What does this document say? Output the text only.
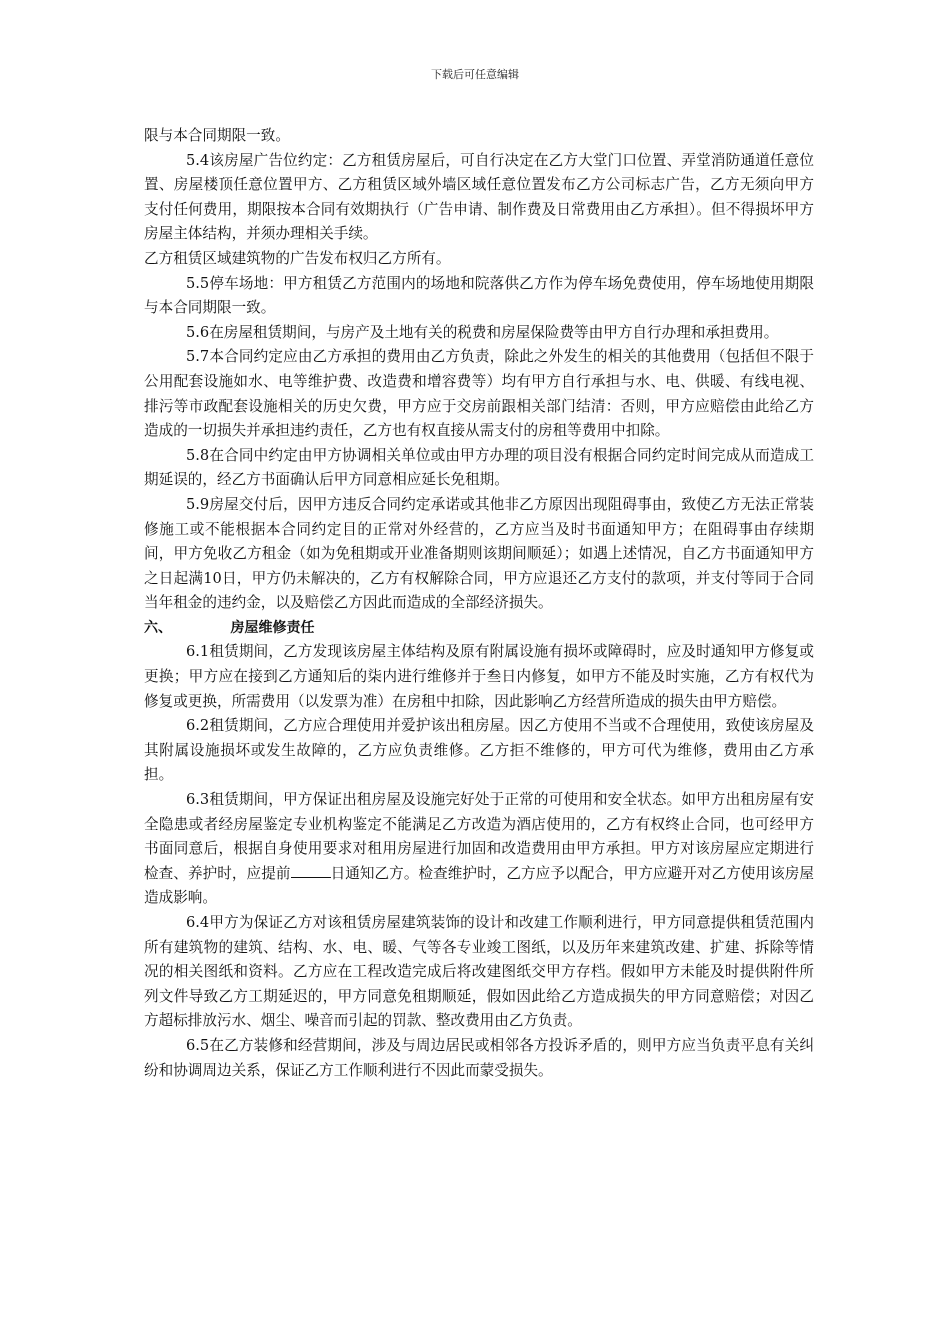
下载后可任意编辑

限与本合同期限一致。

5.4该房屋广告位约定：乙方租赁房屋后，可自行决定在乙方大堂门口位置、弄堂消防通道任意位置、房屋楼顶任意位置甲方、乙方租赁区域外墙区域任意位置发布乙方公司标志广告，乙方无须向甲方支付任何费用，期限按本合同有效期执行（广告申请、制作费及日常费用由乙方承担）。但不得损坏甲方房屋主体结构，并须办理相关手续。

乙方租赁区域建筑物的广告发布权归乙方所有。

5.5停车场地：甲方租赁乙方范围内的场地和院落供乙方作为停车场免费使用，停车场地使用期限与本合同期限一致。

5.6在房屋租赁期间，与房产及土地有关的税费和房屋保险费等由甲方自行办理和承担费用。

5.7本合同约定应由乙方承担的费用由乙方负责，除此之外发生的相关的其他费用（包括但不限于公用配套设施如水、电等维护费、改造费和增容费等）均有甲方自行承担与水、电、供暖、有线电视、排污等市政配套设施相关的历史欠费，甲方应于交房前跟相关部门结清：否则，甲方应赔偿由此给乙方造成的一切损失并承担违约责任，乙方也有权直接从需支付的房租等费用中扣除。

5.8在合同中约定由甲方协调相关单位或由甲方办理的项目没有根据合同约定时间完成从而造成工期延误的，经乙方书面确认后甲方同意相应延长免租期。

5.9房屋交付后，因甲方违反合同约定承诺或其他非乙方原因出现阻碍事由，致使乙方无法正常装修施工或不能根据本合同约定目的正常对外经营的，乙方应当及时书面通知甲方；在阻碍事由存续期间，甲方免收乙方租金（如为免租期或开业准备期则该期间顺延）；如遇上述情况，自乙方书面通知甲方之日起满10日，甲方仍未解决的，乙方有权解除合同，甲方应退还乙方支付的款项，并支付等同于合同当年租金的违约金，以及赔偿乙方因此而造成的全部经济损失。

六、	房屋维修责任

6.1租赁期间，乙方发现该房屋主体结构及原有附属设施有损坏或障碍时，应及时通知甲方修复或更换；甲方应在接到乙方通知后的柒内进行维修并于叁日内修复，如甲方不能及时实施，乙方有权代为修复或更换，所需费用（以发票为准）在房租中扣除，因此影响乙方经营所造成的损失由甲方赔偿。

6.2租赁期间，乙方应合理使用并爱护该出租房屋。因乙方使用不当或不合理使用，致使该房屋及其附属设施损坏或发生故障的，乙方应负责维修。乙方拒不维修的，甲方可代为维修，费用由乙方承担。

6.3租赁期间，甲方保证出租房屋及设施完好处于正常的可使用和安全状态。如甲方出租房屋有安全隐患或者经房屋鉴定专业机构鉴定不能满足乙方改造为酒店使用的，乙方有权终止合同，也可经甲方书面同意后，根据自身使用要求对租用房屋进行加固和改造费用由甲方承担。甲方对该房屋应定期进行检查、养护时，应提前	日通知乙方。检查维护时，乙方应予以配合，甲方应避开对乙方使用该房屋造成影响。

6.4甲方为保证乙方对该租赁房屋建筑装饰的设计和改建工作顺利进行，甲方同意提供租赁范围内所有建筑物的建筑、结构、水、电、暖、气等各专业竣工图纸，以及历年来建筑改建、扩建、拆除等情况的相关图纸和资料。乙方应在工程改造完成后将改建图纸交甲方存档。假如甲方未能及时提供附件所列文件导致乙方工期延迟的，甲方同意免租期顺延，假如因此给乙方造成损失的甲方同意赔偿；对因乙方超标排放污水、烟尘、噪音而引起的罚款、整改费用由乙方负责。

6.5在乙方装修和经营期间，涉及与周边居民或相邻各方投诉矛盾的，则甲方应当负责平息有关纠纷和协调周边关系，保证乙方工作顺利进行不因此而蒙受损失。
